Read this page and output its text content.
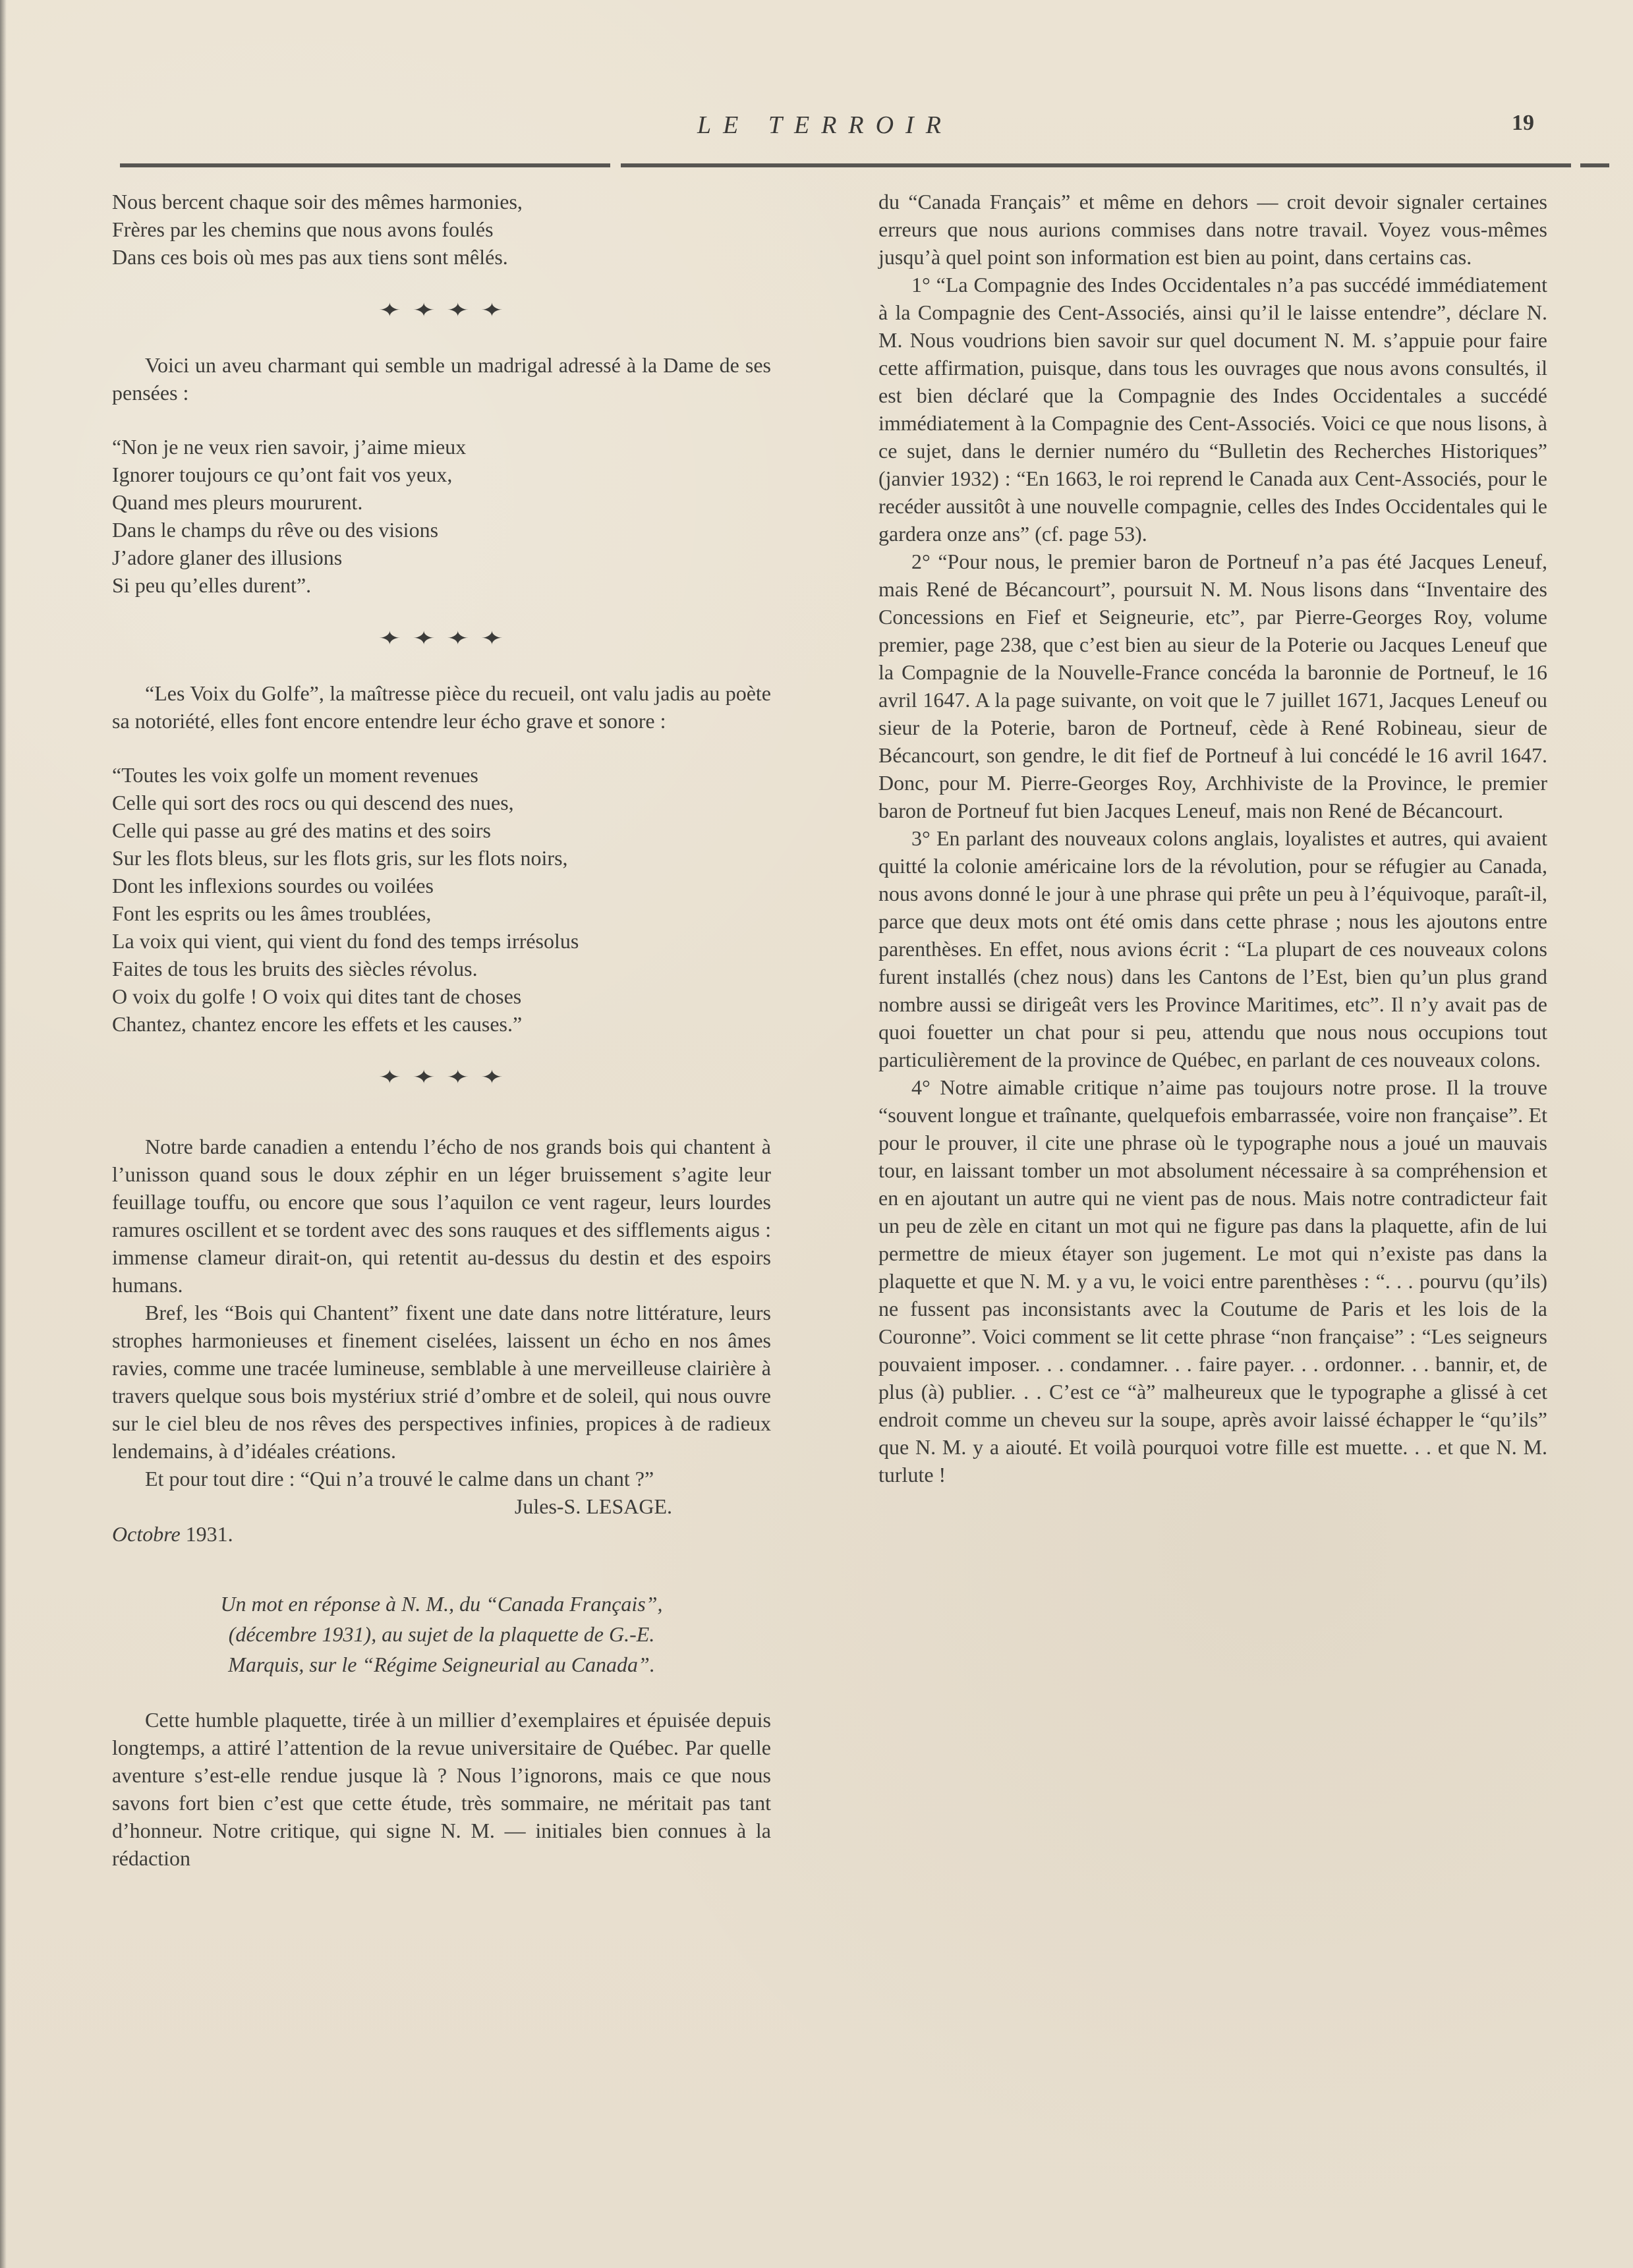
LE TERROIR	19

Nous bercent chaque soir des mêmes harmonies,

Frères par les chemins que nous avons foulés

Dans ces bois où mes pas aux tiens sont mêlés.

✦ ✦ ✦ ✦

Voici un aveu charmant qui semble un madrigal adressé à la Dame de ses pensées :

“Non je ne veux rien savoir, j’aime mieux

Ignorer toujours ce qu’ont fait vos yeux,

Quand mes pleurs moururent.

Dans le champs du rêve ou des visions

J’adore glaner des illusions

Si peu qu’elles durent”.

✦ ✦ ✦ ✦

“Les Voix du Golfe”, la maîtresse pièce du recueil, ont valu jadis au poète sa notoriété, elles font encore entendre leur écho grave et sonore :

“Toutes les voix golfe un moment revenues

Celle qui sort des rocs ou qui descend des nues,

Celle qui passe au gré des matins et des soirs

Sur les flots bleus, sur les flots gris, sur les flots noirs,

Dont les inflexions sourdes ou voilées

Font les esprits ou les âmes troublées,

La voix qui vient, qui vient du fond des temps irrésolus

Faites de tous les bruits des siècles révolus.

O voix du golfe ! O voix qui dites tant de choses

Chantez, chantez encore les effets et les causes.”

✦ ✦ ✦ ✦

Notre barde canadien a entendu l’écho de nos grands bois qui chantent à l’unisson quand sous le doux zéphir en un léger bruissement s’agite leur feuillage touffu, ou encore que sous l’aquilon ce vent rageur, leurs lourdes ramures oscillent et se tordent avec des sons rauques et des sifflements aigus : immense clameur dirait-on, qui retentit au-dessus du destin et des espoirs humans.

Bref, les “Bois qui Chantent” fixent une date dans notre littérature, leurs strophes harmonieuses et finement ciselées, laissent un écho en nos âmes ravies, comme une tracée lumineuse, semblable à une merveilleuse clairière à travers quelque sous bois mystériux strié d’ombre et de soleil, qui nous ouvre sur le ciel bleu de nos rêves des perspectives infinies, propices à de radieux lendemains, à d’idéales créations.

Et pour tout dire : “Qui n’a trouvé le calme dans un chant ?”

Jules-S. LESAGE.

Octobre 1931.

Un mot en réponse à N. M., du “Canada Français”,

(décembre 1931), au sujet de la plaquette de G.-E.

Marquis, sur le “Régime Seigneurial au Canada”.

Cette humble plaquette, tirée à un millier d’exemplaires et épuisée depuis longtemps, a attiré l’attention de la revue universitaire de Québec. Par quelle aventure s’est-elle rendue jusque là ? Nous l’ignorons, mais ce que nous savons fort bien c’est que cette étude, très sommaire, ne méritait pas tant d’honneur. Notre critique, qui signe N. M. — initiales bien connues à la rédaction

du “Canada Français” et même en dehors — croit devoir signaler certaines erreurs que nous aurions commises dans notre travail. Voyez vous-mêmes jusqu’à quel point son information est bien au point, dans certains cas.

1° “La Compagnie des Indes Occidentales n’a pas succédé immédiatement à la Compagnie des Cent-Associés, ainsi qu’il le laisse entendre”, déclare N. M. Nous voudrions bien savoir sur quel document N. M. s’appuie pour faire cette affirmation, puisque, dans tous les ouvrages que nous avons consultés, il est bien déclaré que la Compagnie des Indes Occidentales a succédé immédiatement à la Compagnie des Cent-Associés. Voici ce que nous lisons, à ce sujet, dans le dernier numéro du “Bulletin des Recherches Historiques” (janvier 1932) : “En 1663, le roi reprend le Canada aux Cent-Associés, pour le recéder aussitôt à une nouvelle compagnie, celles des Indes Occidentales qui le gardera onze ans” (cf. page 53).

2° “Pour nous, le premier baron de Portneuf n’a pas été Jacques Leneuf, mais René de Bécancourt”, poursuit N. M. Nous lisons dans “Inventaire des Concessions en Fief et Seigneurie, etc”, par Pierre-Georges Roy, volume premier, page 238, que c’est bien au sieur de la Poterie ou Jacques Leneuf que la Compagnie de la Nouvelle-France concéda la baronnie de Portneuf, le 16 avril 1647. A la page suivante, on voit que le 7 juillet 1671, Jacques Leneuf ou sieur de la Poterie, baron de Portneuf, cède à René Robineau, sieur de Bécancourt, son gendre, le dit fief de Portneuf à lui concédé le 16 avril 1647. Donc, pour M. Pierre-Georges Roy, Archhiviste de la Province, le premier baron de Portneuf fut bien Jacques Leneuf, mais non René de Bécancourt.

3° En parlant des nouveaux colons anglais, loyalistes et autres, qui avaient quitté la colonie américaine lors de la révolution, pour se réfugier au Canada, nous avons donné le jour à une phrase qui prête un peu à l’équivoque, paraît-il, parce que deux mots ont été omis dans cette phrase ; nous les ajoutons entre parenthèses. En effet, nous avions écrit : “La plupart de ces nouveaux colons furent installés (chez nous) dans les Cantons de l’Est, bien qu’un plus grand nombre aussi se dirigeât vers les Province Maritimes, etc”. Il n’y avait pas de quoi fouetter un chat pour si peu, attendu que nous nous occupions tout particulièrement de la province de Québec, en parlant de ces nouveaux colons.

4° Notre aimable critique n’aime pas toujours notre prose. Il la trouve “souvent longue et traînante, quelquefois embarrassée, voire non française”. Et pour le prouver, il cite une phrase où le typographe nous a joué un mauvais tour, en laissant tomber un mot absolument nécessaire à sa compréhension et en en ajoutant un autre qui ne vient pas de nous. Mais notre contradicteur fait un peu de zèle en citant un mot qui ne figure pas dans la plaquette, afin de lui permettre de mieux étayer son jugement. Le mot qui n’existe pas dans la plaquette et que N. M. y a vu, le voici entre parenthèses : “. . . pourvu (qu’ils) ne fussent pas inconsistants avec la Coutume de Paris et les lois de la Couronne”. Voici comment se lit cette phrase “non française” : “Les seigneurs pouvaient imposer. . . condamner. . . faire payer. . . ordonner. . . bannir, et, de plus (à) publier. . . C’est ce “à” malheureux que le typographe a glissé à cet endroit comme un cheveu sur la soupe, après avoir laissé échapper le “qu’ils” que N. M. y a aiouté. Et voilà pourquoi votre fille est muette. . . et que N. M. turlute !
